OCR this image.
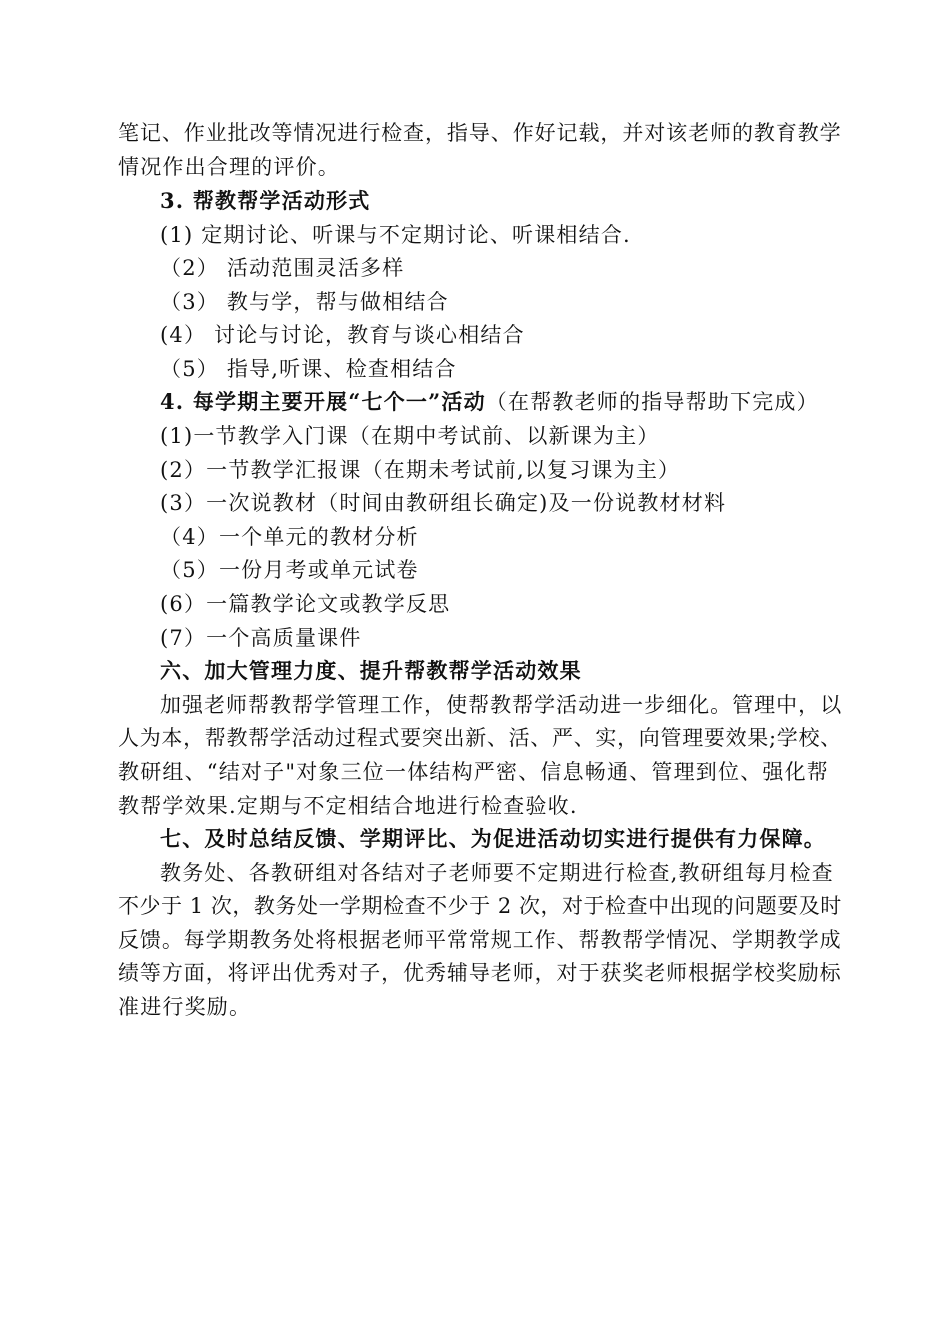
笔记、作业批改等情况进行检查，指导、作好记载，并对该老师的教育教学
情况作出合理的评价。
3. 帮教帮学活动形式
(1) 定期讨论、听课与不定期讨论、听课相结合.
（2） 活动范围灵活多样
（3） 教与学，帮与做相结合
(4） 讨论与讨论，教育与谈心相结合
（5） 指导,听课、检查相结合
4. 每学期主要开展“七个一”活动（在帮教老师的指导帮助下完成）
(1)一节教学入门课（在期中考试前、以新课为主）
(2）一节教学汇报课（在期未考试前,以复习课为主）
(3）一次说教材（时间由教研组长确定)及一份说教材材料
（4）一个单元的教材分析
（5）一份月考或单元试卷
(6）一篇教学论文或教学反思
(7）一个高质量课件
六、加大管理力度、提升帮教帮学活动效果
加强老师帮教帮学管理工作，使帮教帮学活动进一步细化。管理中，以
人为本，帮教帮学活动过程式要突出新、活、严、实，向管理要效果;学校、
教研组、“结对子"对象三位一体结构严密、信息畅通、管理到位、强化帮
教帮学效果.定期与不定相结合地进行检查验收.
七、及时总结反馈、学期评比、为促进活动切实进行提供有力保障。
教务处、各教研组对各结对子老师要不定期进行检查,教研组每月检查
不少于 1 次，教务处一学期检查不少于 2 次，对于检查中出现的问题要及时
反馈。每学期教务处将根据老师平常常规工作、帮教帮学情况、学期教学成
绩等方面，将评出优秀对子，优秀辅导老师，对于获奖老师根据学校奖励标
准进行奖励。
